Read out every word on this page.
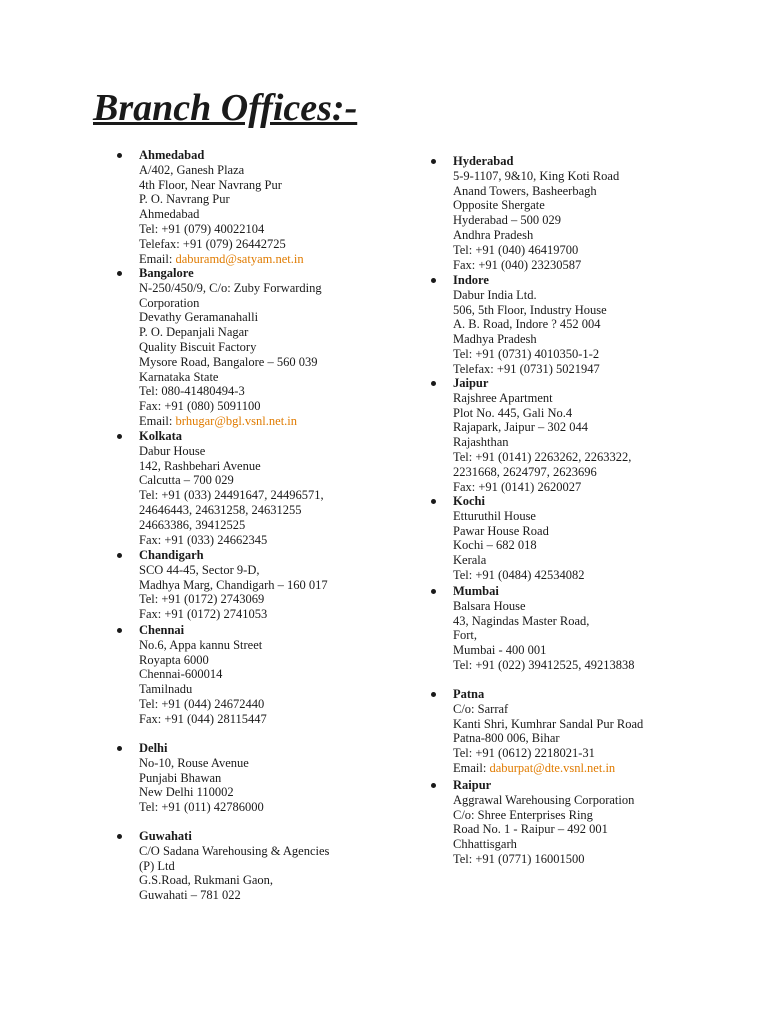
Branch Offices:-
Ahmedabad
A/402, Ganesh Plaza
4th Floor, Near Navrang Pur
P. O. Navrang Pur
Ahmedabad
Tel: +91 (079) 40022104
Telefax: +91 (079) 26442725
Email: daburamd@satyam.net.in
Bangalore
N-250/450/9, C/o: Zuby Forwarding
Corporation
Devathy Geramanahalli
P. O. Depanjali Nagar
Quality Biscuit Factory
Mysore Road, Bangalore – 560 039
Karnataka State
Tel: 080-41480494-3
Fax: +91 (080) 5091100
Email: brhugar@bgl.vsnl.net.in
Kolkata
Dabur House
142, Rashbehari Avenue
Calcutta – 700 029
Tel: +91 (033) 24491647, 24496571,
24646443, 24631258, 24631255
24663386, 39412525
Fax: +91 (033) 24662345
Chandigarh
SCO 44-45, Sector 9-D,
Madhya Marg, Chandigarh – 160 017
Tel: +91 (0172) 2743069
Fax: +91 (0172) 2741053
Chennai
No.6, Appa kannu Street
Royapta 6000
Chennai-600014
Tamilnadu
Tel: +91 (044) 24672440
Fax: +91 (044) 28115447
Delhi
No-10, Rouse Avenue
Punjabi Bhawan
New Delhi 110002
Tel: +91 (011) 42786000
Guwahati
C/O Sadana Warehousing & Agencies
(P) Ltd
G.S.Road, Rukmani Gaon,
Guwahati – 781 022
Hyderabad
5-9-1107, 9&10, King Koti Road
Anand Towers, Basheerbagh
Opposite Shergate
Hyderabad – 500 029
Andhra Pradesh
Tel: +91 (040) 46419700
Fax: +91 (040) 23230587
Indore
Dabur India Ltd.
506, 5th Floor, Industry House
A. B. Road, Indore ? 452 004
Madhya Pradesh
Tel: +91 (0731) 4010350-1-2
Telefax: +91 (0731) 5021947
Jaipur
Rajshree Apartment
Plot No. 445, Gali No.4
Rajapark, Jaipur – 302 044
Rajashthan
Tel: +91 (0141) 2263262, 2263322,
2231668, 2624797, 2623696
Fax: +91 (0141) 2620027
Kochi
Etturuthil House
Pawar House Road
Kochi – 682 018
Kerala
Tel: +91 (0484) 42534082
Mumbai
Balsara House
43, Nagindas Master Road,
Fort,
Mumbai - 400 001
Tel: +91 (022) 39412525, 49213838
Patna
C/o: Sarraf
Kanti Shri, Kumhrar Sandal Pur Road
Patna-800 006, Bihar
Tel: +91 (0612) 2218021-31
Email: daburpat@dte.vsnl.net.in
Raipur
Aggrawal Warehousing Corporation
C/o: Shree Enterprises Ring
Road No. 1 - Raipur – 492 001
Chhattisgarh
Tel: +91 (0771) 16001500
